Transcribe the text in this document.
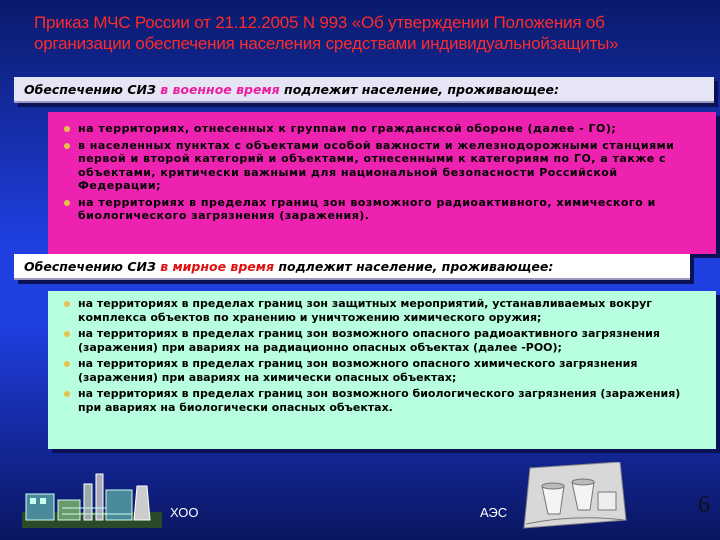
Приказ МЧС России от 21.12.2005 N 993 «Об утверждении Положения об организации обеспечения населения средствами индивидуальнойзащиты»
Обеспечению СИЗ в военное время подлежит население, проживающее:
на территориях, отнесенных к группам по гражданской обороне (далее - ГО);
в населенных пунктах с объектами особой важности и железнодорожными станциями первой и второй категорий и объектами, отнесенными к категориям по ГО, а также с объектами, критически важными для национальной безопасности Российской Федерации;
на территориях в пределах границ зон возможного радиоактивного, химического и биологического загрязнения (заражения).
Обеспечению СИЗ в мирное время подлежит население, проживающее:
на территориях в пределах границ зон защитных мероприятий, устанавливаемых вокруг комплекса объектов по хранению и уничтожению химического оружия;
на территориях в пределах границ зон возможного опасного радиоактивного загрязнения (заражения) при авариях на радиационно опасных объектах (далее -РОО);
на территориях в пределах границ зон возможного опасного химического загрязнения (заражения) при авариях на химически опасных объектах;
на территориях в пределах границ зон возможного биологического загрязнения (заражения) при авариях на биологически опасных объектах.
ХОО	АЭС	6
